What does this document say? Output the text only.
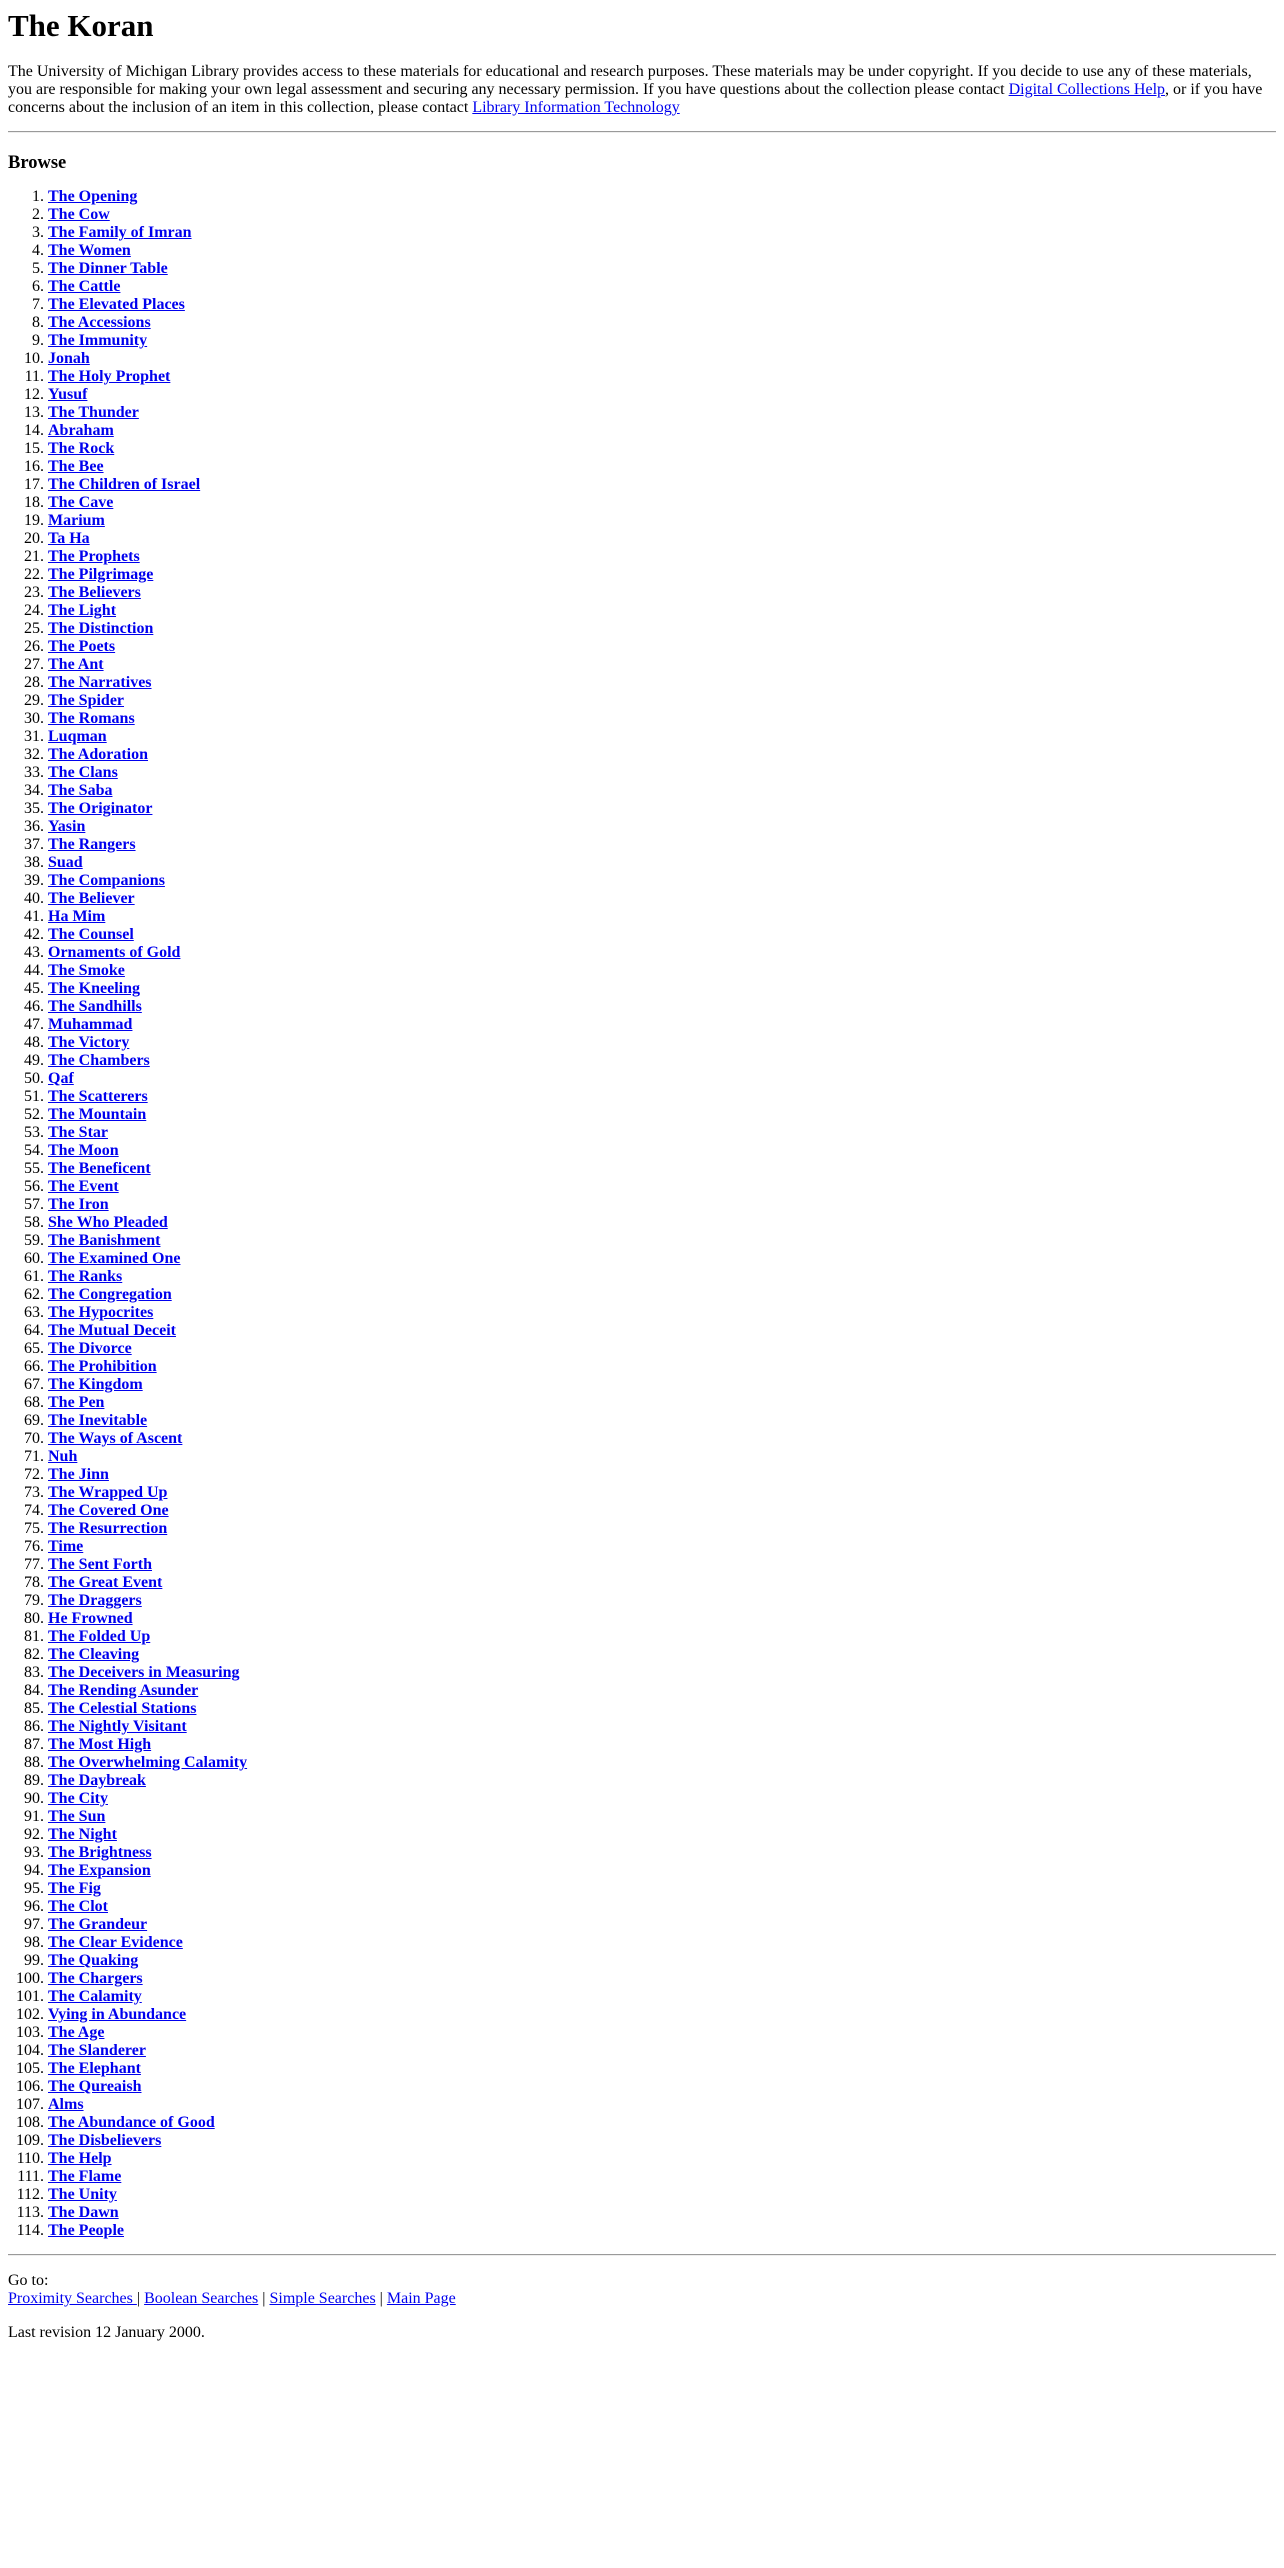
The Koran

The University of Michigan Library provides access to these materials for educational and research purposes. These materials may be under copyright. If you decide to use any of these materials, you are responsible for making your own legal assessment and securing any necessary permission. If you have questions about the collection please contact Digital Collections Help, or if you have concerns about the inclusion of an item in this collection, please contact Library Information Technology

Browse
1. The Opening
2. The Cow
3. The Family of Imran
4. The Women
5. The Dinner Table
6. The Cattle
7. The Elevated Places
8. The Accessions
9. The Immunity
10. Jonah
11. The Holy Prophet
12. Yusuf
13. The Thunder
14. Abraham
15. The Rock
16. The Bee
17. The Children of Israel
18. The Cave
19. Marium
20. Ta Ha
21. The Prophets
22. The Pilgrimage
23. The Believers
24. The Light
25. The Distinction
26. The Poets
27. The Ant
28. The Narratives
29. The Spider
30. The Romans
31. Luqman
32. The Adoration
33. The Clans
34. The Saba
35. The Originator
36. Yasin
37. The Rangers
38. Suad
39. The Companions
40. The Believer
41. Ha Mim
42. The Counsel
43. Ornaments of Gold
44. The Smoke
45. The Kneeling
46. The Sandhills
47. Muhammad
48. The Victory
49. The Chambers
50. Qaf
51. The Scatterers
52. The Mountain
53. The Star
54. The Moon
55. The Beneficent
56. The Event
57. The Iron
58. She Who Pleaded
59. The Banishment
60. The Examined One
61. The Ranks
62. The Congregation
63. The Hypocrites
64. The Mutual Deceit
65. The Divorce
66. The Prohibition
67. The Kingdom
68. The Pen
69. The Inevitable
70. The Ways of Ascent
71. Nuh
72. The Jinn
73. The Wrapped Up
74. The Covered One
75. The Resurrection
76. Time
77. The Sent Forth
78. The Great Event
79. The Draggers
80. He Frowned
81. The Folded Up
82. The Cleaving
83. The Deceivers in Measuring
84. The Rending Asunder
85. The Celestial Stations
86. The Nightly Visitant
87. The Most High
88. The Overwhelming Calamity
89. The Daybreak
90. The City
91. The Sun
92. The Night
93. The Brightness
94. The Expansion
95. The Fig
96. The Clot
97. The Grandeur
98. The Clear Evidence
99. The Quaking
100. The Chargers
101. The Calamity
102. Vying in Abundance
103. The Age
104. The Slanderer
105. The Elephant
106. The Qureaish
107. Alms
108. The Abundance of Good
109. The Disbelievers
110. The Help
111. The Flame
112. The Unity
113. The Dawn
114. The People
Go to:
Proximity Searches | Boolean Searches | Simple Searches | Main Page
Last revision 12 January 2000.
